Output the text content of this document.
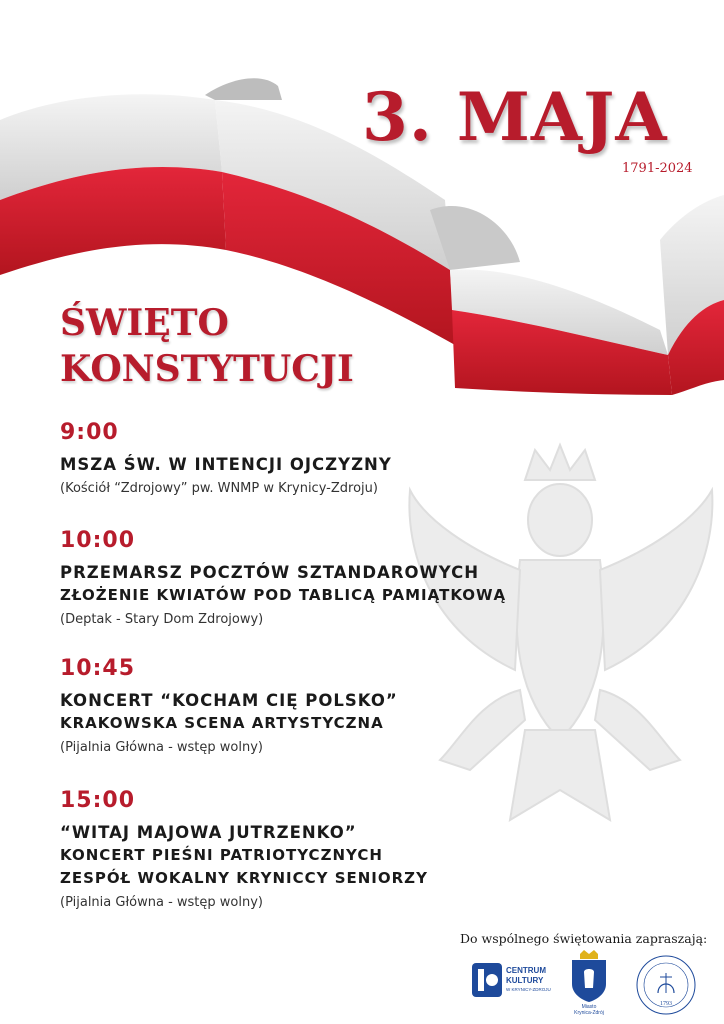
3. MAJA
1791-2024
ŚWIĘTO
KONSTYTUCJI
9:00
MSZA ŚW. W INTENCJI OJCZYZNY
(Kościół “Zdrojowy” pw. WNMP w Krynicy-Zdroju)
10:00
PRZEMARSZ POCZTÓW SZTANDAROWYCH
ZŁOŻENIE KWIATÓW POD TABLICĄ PAMIĄTKOWĄ
(Deptak - Stary Dom Zdrojowy)
10:45
KONCERT “KOCHAM CIĘ POLSKO”
KRAKOWSKA SCENA ARTYSTYCZNA
(Pijalnia Główna - wstęp wolny)
15:00
“WITAJ MAJOWA JUTRZENKO”
KONCERT PIEŚNI PATRIOTYCZNYCH
ZESPÓŁ WOKALNY KRYNICCY SENIORZY
(Pijalnia Główna - wstęp wolny)
Do wspólnego świętowania zapraszają:
CENTRUM
KULTURY
W KRYNICY-ZDROJU
Miasto
Krynica-Zdrój
1793
